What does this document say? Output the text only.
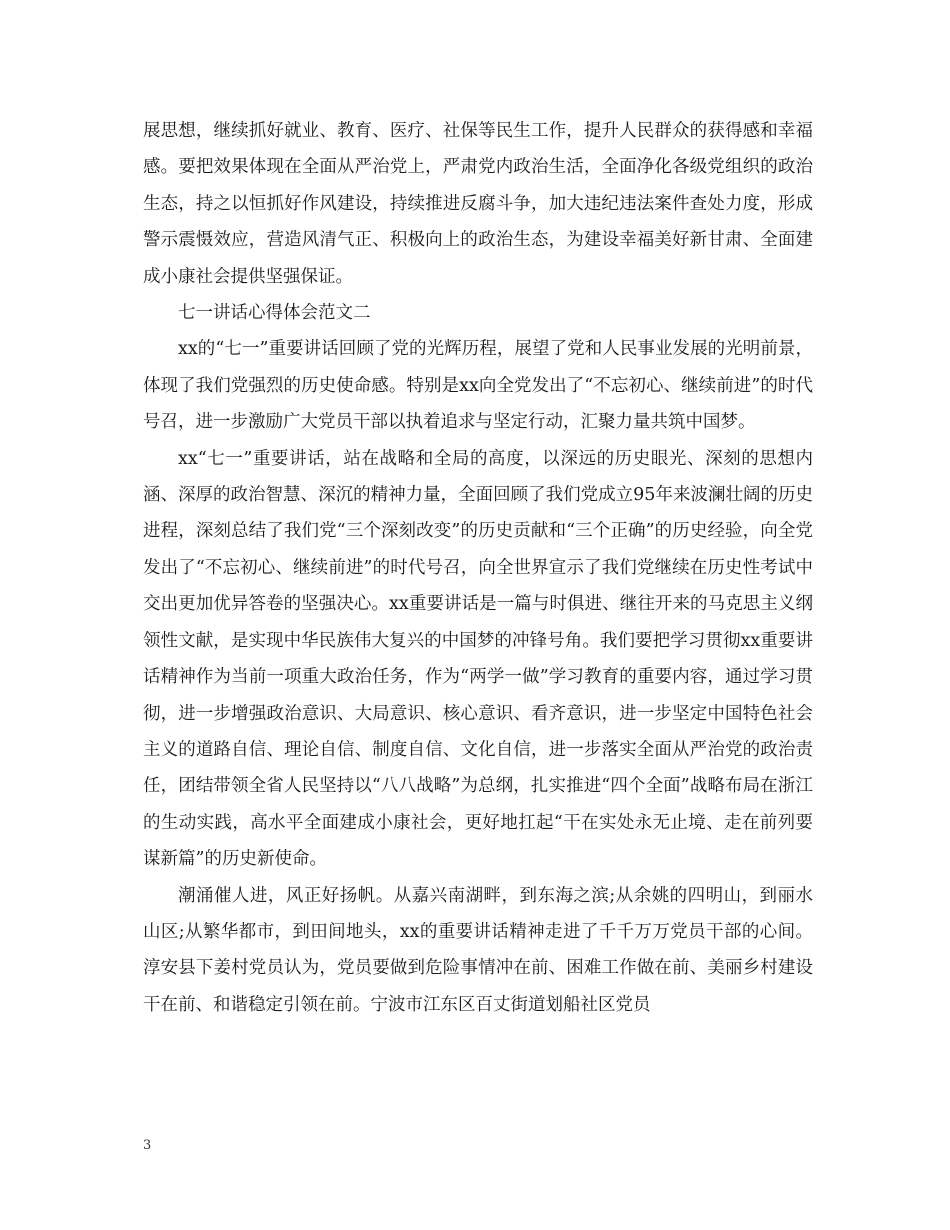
展思想，继续抓好就业、教育、医疗、社保等民生工作，提升人民群众的获得感和幸福感。要把效果体现在全面从严治党上，严肃党内政治生活，全面净化各级党组织的政治生态，持之以恒抓好作风建设，持续推进反腐斗争，加大违纪违法案件查处力度，形成警示震慑效应，营造风清气正、积极向上的政治生态，为建设幸福美好新甘肃、全面建成小康社会提供坚强保证。

七一讲话心得体会范文二

xx的“七一”重要讲话回顾了党的光辉历程，展望了党和人民事业发展的光明前景，体现了我们党强烈的历史使命感。特别是xx向全党发出了“不忘初心、继续前进”的时代号召，进一步激励广大党员干部以执着追求与坚定行动，汇聚力量共筑中国梦。

xx“七一”重要讲话，站在战略和全局的高度，以深远的历史眼光、深刻的思想内涵、深厚的政治智慧、深沉的精神力量，全面回顾了我们党成立95年来波澜壮阔的历史进程，深刻总结了我们党“三个深刻改变”的历史贡献和“三个正确”的历史经验，向全党发出了“不忘初心、继续前进”的时代号召，向全世界宣示了我们党继续在历史性考试中交出更加优异答卷的坚强决心。xx重要讲话是一篇与时俱进、继往开来的马克思主义纲领性文献，是实现中华民族伟大复兴的中国梦的冲锋号角。我们要把学习贯彻xx重要讲话精神作为当前一项重大政治任务，作为“两学一做”学习教育的重要内容，通过学习贯彻，进一步增强政治意识、大局意识、核心意识、看齐意识，进一步坚定中国特色社会主义的道路自信、理论自信、制度自信、文化自信，进一步落实全面从严治党的政治责任，团结带领全省人民坚持以“八八战略”为总纲，扎实推进“四个全面”战略布局在浙江的生动实践，高水平全面建成小康社会，更好地扛起“干在实处永无止境、走在前列要谋新篇”的历史新使命。

潮涌催人进，风正好扬帆。从嘉兴南湖畔，到东海之滨;从余姚的四明山，到丽水山区;从繁华都市，到田间地头，xx的重要讲话精神走进了千千万万党员干部的心间。淳安县下姜村党员认为，党员要做到危险事情冲在前、困难工作做在前、美丽乡村建设干在前、和谐稳定引领在前。宁波市江东区百丈街道划船社区党员

3
